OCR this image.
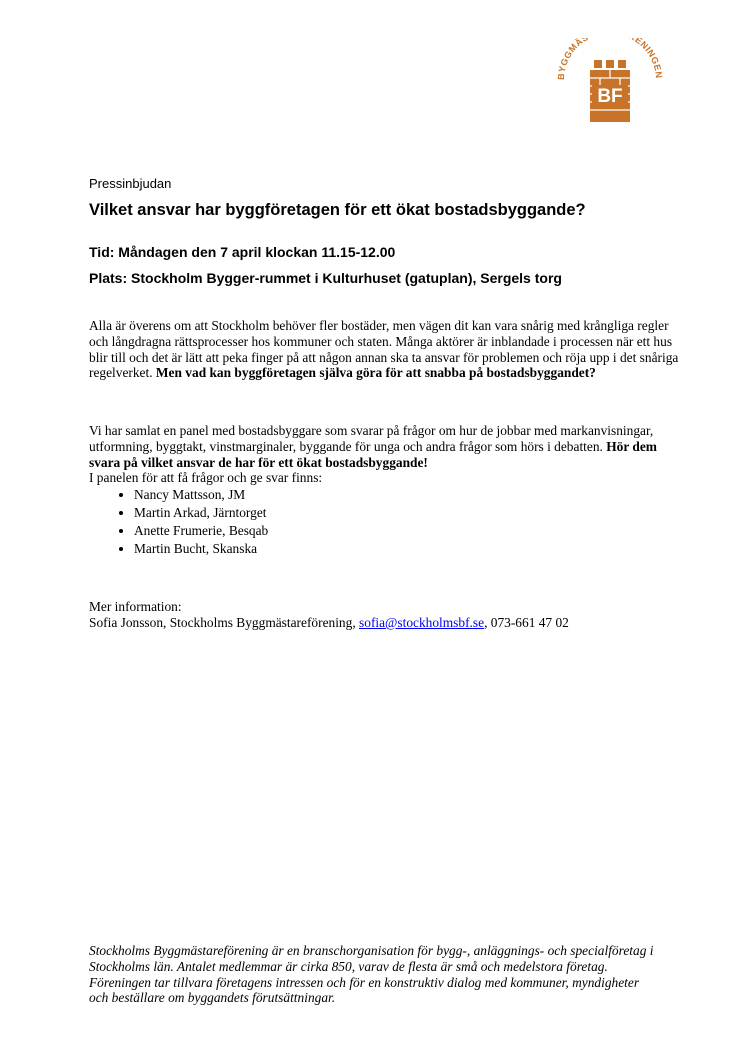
BYGGMÄ ENINGEN
BF
Pressinbjudan
Vilket ansvar har byggföretagen för ett ökat bostadsbyggande?
Tid: Måndagen den 7 april klockan 11.15-12.00
Plats: Stockholm Bygger-rummet i Kulturhuset (gatuplan), Sergels torg
Alla är överens om att Stockholm behöver fler bostäder, men vägen dit kan vara snårig med krångliga regler och långdragna rättsprocesser hos kommuner och staten. Många aktörer är inblandade i processen när ett hus blir till och det är lätt att peka finger på att någon annan ska ta ansvar för problemen och röja upp i det snåriga regelverket. Men vad kan byggföretagen själva göra för att snabba på bostadsbyggandet?
Vi har samlat en panel med bostadsbyggare som svarar på frågor om hur de jobbar med markanvisningar, utformning, byggtakt, vinstmarginaler, byggande för unga och andra frågor som hörs i debatten. Hör dem svara på vilket ansvar de har för ett ökat bostadsbyggande!
I panelen för att få frågor och ge svar finns:
• Nancy Mattsson, JM
• Martin Arkad, Järntorget
• Anette Frumerie, Besqab
• Martin Bucht, Skanska
Mer information:
Sofia Jonsson, Stockholms Byggmästareförening, sofia@stockholmsbf.se, 073-661 47 02
Stockholms Byggmästareförening är en branschorganisation för bygg-, anläggnings- och specialföretag i Stockholms län. Antalet medlemmar är cirka 850, varav de flesta är små och medelstora företag. Föreningen tar tillvara företagens intressen och för en konstruktiv dialog med kommuner, myndigheter och beställare om byggandets förutsättningar.
